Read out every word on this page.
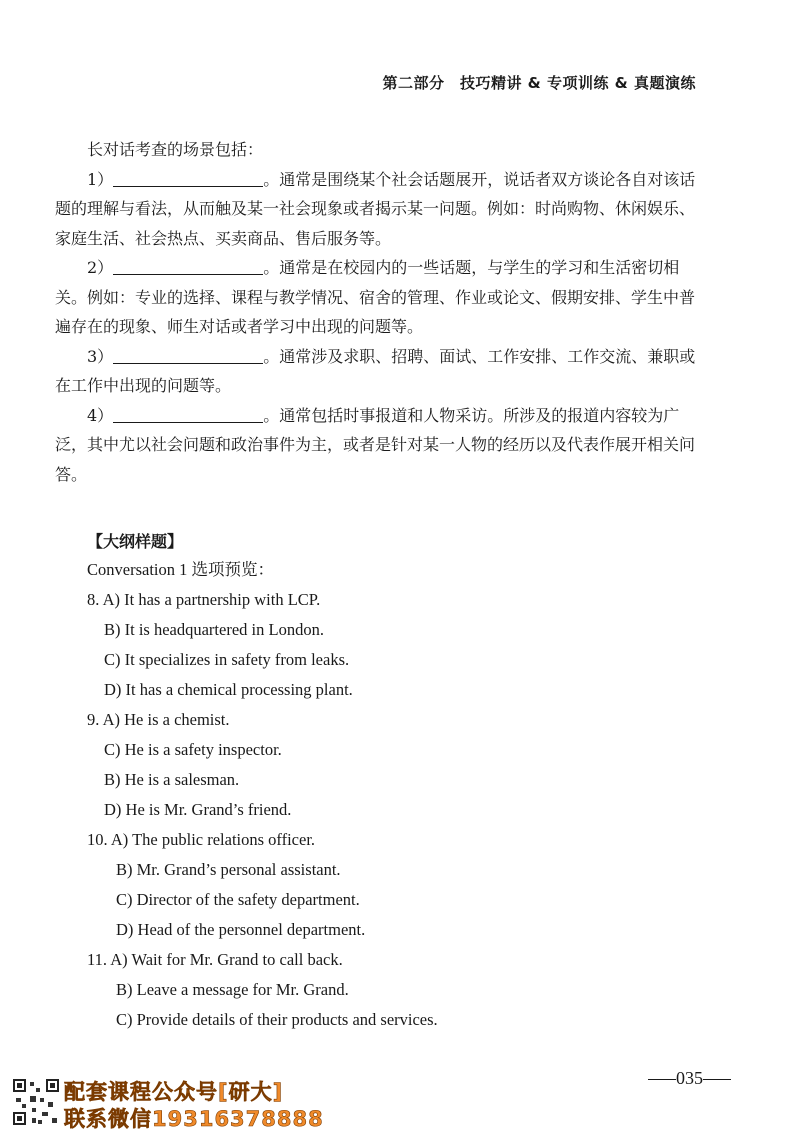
第二部分　技巧精讲 & 专项训练 & 真题演练

长对话考查的场景包括：

1）	。通常是围绕某个社会话题展开，说话者双方谈论各自对该话题的理解与看法，从而触及某一社会现象或者揭示某一问题。例如：时尚购物、休闲娱乐、家庭生活、社会热点、买卖商品、售后服务等。

2）	。通常是在校园内的一些话题，与学生的学习和生活密切相关。例如：专业的选择、课程与教学情况、宿舍的管理、作业或论文、假期安排、学生中普遍存在的现象、师生对话或者学习中出现的问题等。

3）	。通常涉及求职、招聘、面试、工作安排、工作交流、兼职或在工作中出现的问题等。

4）	。通常包括时事报道和人物采访。所涉及的报道内容较为广泛，其中尤以社会问题和政治事件为主，或者是针对某一人物的经历以及代表作展开相关问答。

【大纲样题】

Conversation 1 选项预览：

8. A) It has a partnership with LCP.

B) It is headquartered in London.

C) It specializes in safety from leaks.

D) It has a chemical processing plant.

9. A) He is a chemist.

C) He is a safety inspector.

B) He is a salesman.

D) He is Mr. Grand’s friend.

10. A) The public relations officer.

B) Mr. Grand’s personal assistant.

C) Director of the safety department.

D) Head of the personnel department.

11. A) Wait for Mr. Grand to call back.

B) Leave a message for Mr. Grand.

C) Provide details of their products and services.

035
配套课程公众号[研大]
联系微信19316378888
